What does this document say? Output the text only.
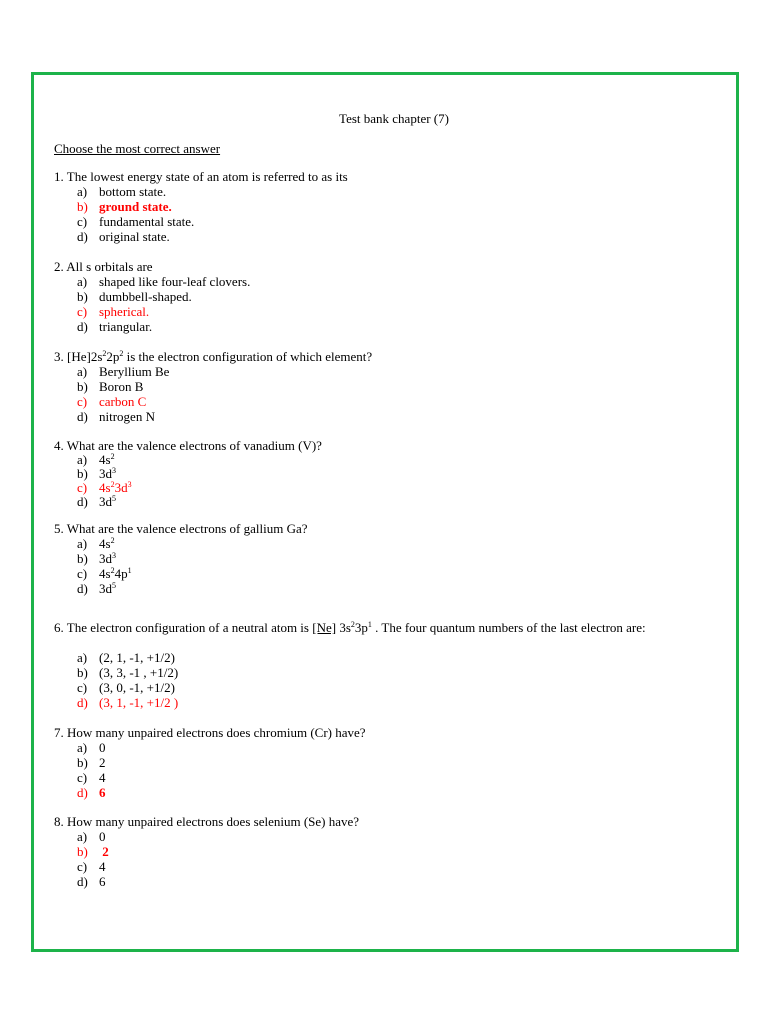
Test bank chapter (7)

Choose the most correct answer

1. The lowest energy state of an atom is referred to as its

a) bottom state.
b) ground state.
c) fundamental state.
d) original state.

2. All s orbitals are

a) shaped like four-leaf clovers.
b) dumbbell-shaped.
c) spherical.
d) triangular.

3. $[He]2s^22p^2$ is the electron configuration of which element?

a) Beryllium Be
b) Boron B
c) carbon C
d) nitrogen N

4. What are the valence electrons of vanadium (V)?

a) $4s^2$
b) $3d^3$
c) $4s^23d^3$
d) $3d^5$

5. What are the valence electrons of gallium Ga?

a) $4s^2$
b) $3d^3$
c) $4s^24p^1$
d) $3d^5$

6. The electron configuration of a neutral atom is [Ne] $3s^23p^1$ . The four quantum numbers of the last electron are:

a) (2, 1, -1, +1/2)
b) (3, 3, -1 , +1/2)
c) (3, 0, -1, +1/2)
d) (3, 1, -1, +1/2 )

7. How many unpaired electrons does chromium (Cr) have?

a) 0
b) 2
c) 4
d) 6

8. How many unpaired electrons does selenium (Se) have?

a) 0
b) 2
c) 4
d) 6
